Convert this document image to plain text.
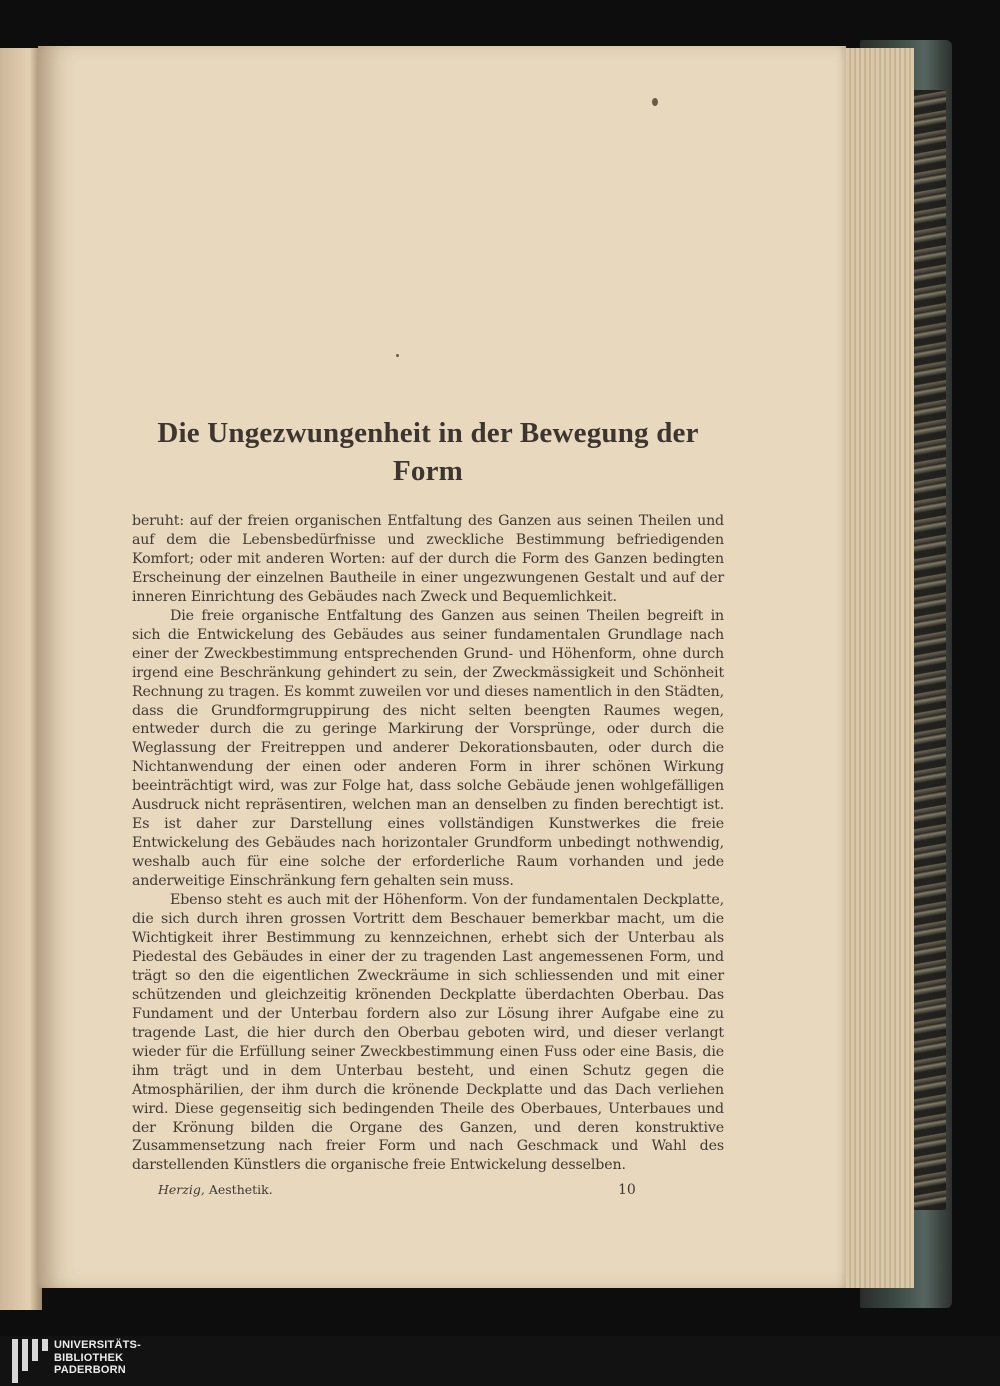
Die Ungezwungenheit in der Bewegung der
Form

beruht: auf der freien organischen Entfaltung des Ganzen aus seinen Theilen und auf dem die Lebensbedürfnisse und zweckliche Bestimmung befriedigenden Komfort; oder mit anderen Worten: auf der durch die Form des Ganzen bedingten Erscheinung der einzelnen Bautheile in einer ungezwungenen Gestalt und auf der inneren Einrichtung des Gebäudes nach Zweck und Bequemlichkeit.

Die freie organische Entfaltung des Ganzen aus seinen Theilen begreift in sich die Entwickelung des Gebäudes aus seiner fundamentalen Grundlage nach einer der Zweckbestimmung entsprechenden Grund- und Höhenform, ohne durch irgend eine Beschränkung gehindert zu sein, der Zweckmässigkeit und Schönheit Rechnung zu tragen. Es kommt zuweilen vor und dieses namentlich in den Städten, dass die Grundformgruppirung des nicht selten beengten Raumes wegen, entweder durch die zu geringe Markirung der Vorsprünge, oder durch die Weglassung der Freitreppen und anderer Dekorationsbauten, oder durch die Nichtanwendung der einen oder anderen Form in ihrer schönen Wirkung beeinträchtigt wird, was zur Folge hat, dass solche Gebäude jenen wohlgefälligen Ausdruck nicht repräsentiren, welchen man an denselben zu finden berechtigt ist. Es ist daher zur Darstellung eines vollständigen Kunstwerkes die freie Entwickelung des Gebäudes nach horizontaler Grundform unbedingt nothwendig, weshalb auch für eine solche der erforderliche Raum vorhanden und jede anderweitige Einschränkung fern gehalten sein muss.

Ebenso steht es auch mit der Höhenform. Von der fundamentalen Deckplatte, die sich durch ihren grossen Vortritt dem Beschauer bemerkbar macht, um die Wichtigkeit ihrer Bestimmung zu kennzeichnen, erhebt sich der Unterbau als Piedestal des Gebäudes in einer der zu tragenden Last angemessenen Form, und trägt so den die eigentlichen Zweckräume in sich schliessenden und mit einer schützenden und gleichzeitig krönenden Deckplatte überdachten Oberbau. Das Fundament und der Unterbau fordern also zur Lösung ihrer Aufgabe eine zu tragende Last, die hier durch den Oberbau geboten wird, und dieser verlangt wieder für die Erfüllung seiner Zweckbestimmung einen Fuss oder eine Basis, die ihm trägt und in dem Unterbau besteht, und einen Schutz gegen die Atmosphärilien, der ihm durch die krönende Deckplatte und das Dach verliehen wird. Diese gegenseitig sich bedingenden Theile des Oberbaues, Unterbaues und der Krönung bilden die Organe des Ganzen, und deren konstruktive Zusammensetzung nach freier Form und nach Geschmack und Wahl des darstellenden Künstlers die organische freie Entwickelung desselben.

Herzig, Aesthetik.	10
UNIVERSITÄTS-
BIBLIOTHEK
PADERBORN
